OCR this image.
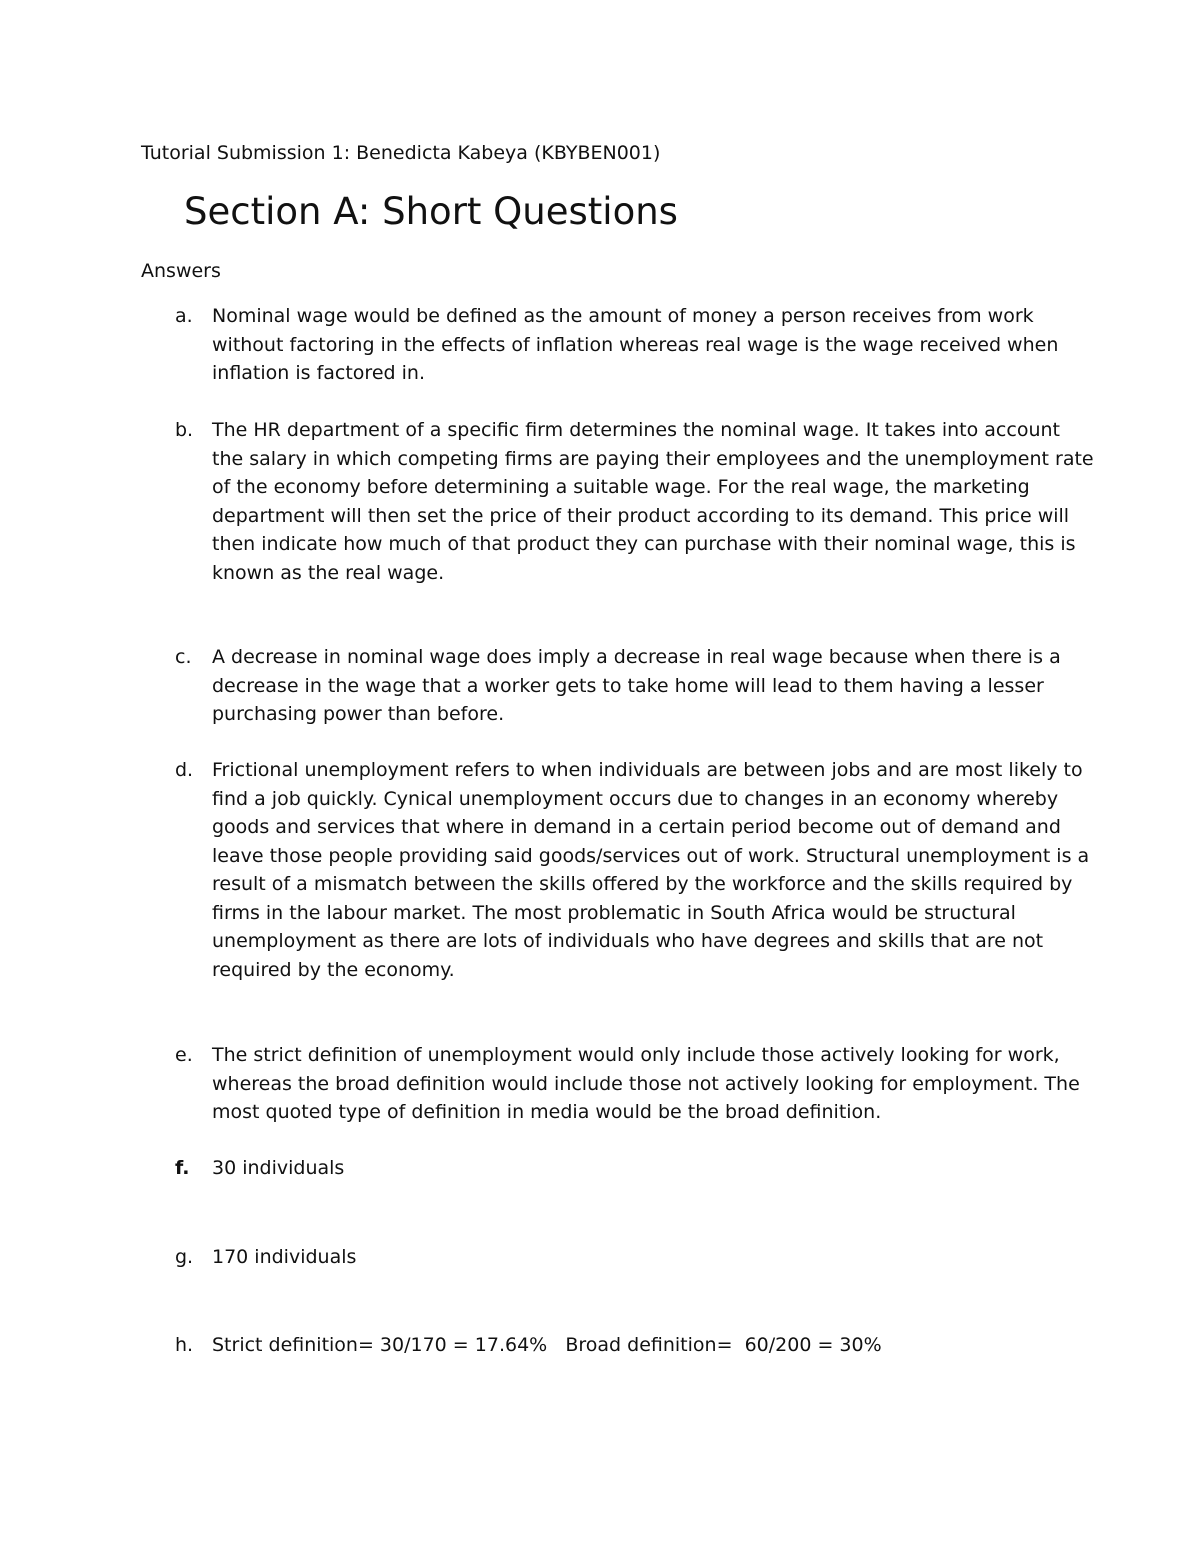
Tutorial Submission 1: Benedicta Kabeya (KBYBEN001)
Section A: Short Questions
Answers
a.	Nominal wage would be defined as the amount of money a person receives from work
without factoring in the effects of inflation whereas real wage is the wage received when
inflation is factored in.
b. The HR department of a specific firm determines the nominal wage. It takes into account
the salary in which competing firms are paying their employees and the unemployment rate
of the economy before determining a suitable wage. For the real wage, the marketing
department will then set the price of their product according to its demand. This price will
then indicate how much of that product they can purchase with their nominal wage, this is
known as the real wage.
c.	A decrease in nominal wage does imply a decrease in real wage because when there is a
decrease in the wage that a worker gets to take home will lead to them having a lesser
purchasing power than before.
d. Frictional unemployment refers to when individuals are between jobs and are most likely to
find a job quickly. Cynical unemployment occurs due to changes in an economy whereby
goods and services that where in demand in a certain period become out of demand and
leave those people providing said goods/services out of work. Structural unemployment is a
result of a mismatch between the skills offered by the workforce and the skills required by
firms in the labour market. The most problematic in South Africa would be structural
unemployment as there are lots of individuals who have degrees and skills that are not
required by the economy.
e.	The strict definition of unemployment would only include those actively looking for work,
whereas the broad definition would include those not actively looking for employment. The
most quoted type of definition in media would be the broad definition.
f.	30 individuals
g. 170 individuals
h. Strict definition= 30/170 = 17.64%   Broad definition=  60/200 = 30%
